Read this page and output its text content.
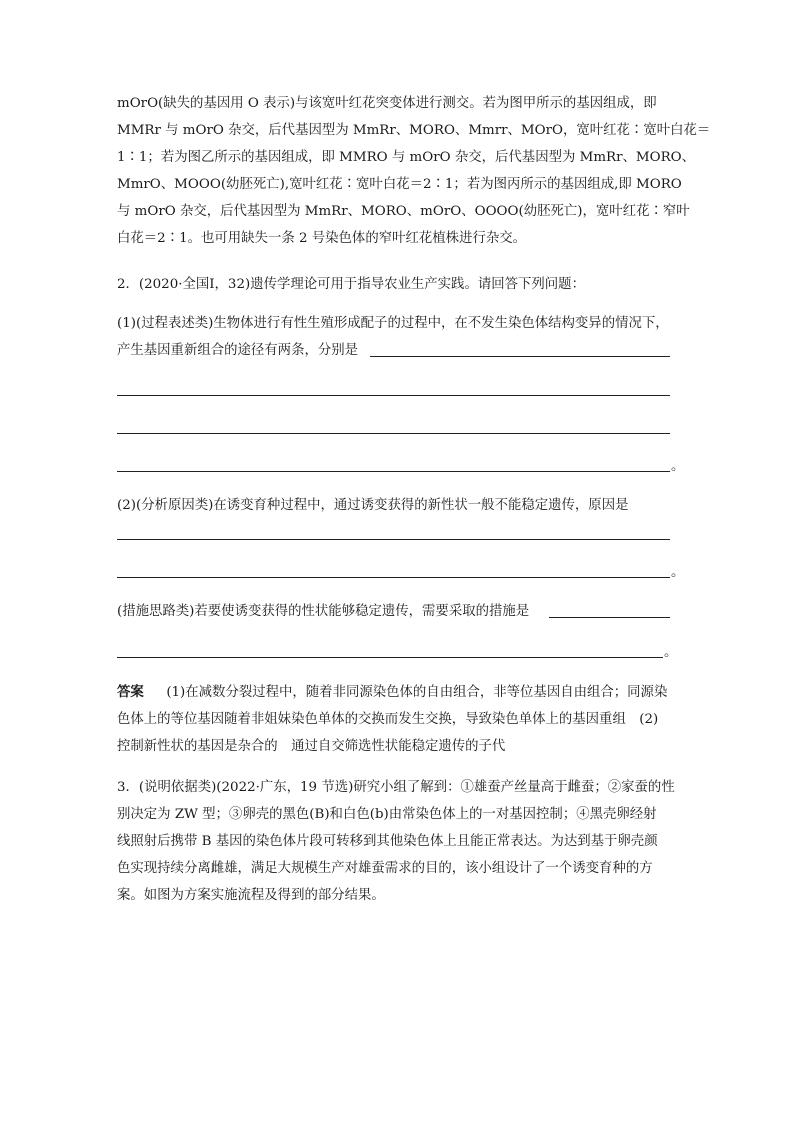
mOrO(缺失的基因用 O 表示)与该宽叶红花突变体进行测交。若为图甲所示的基因组成，即
MMRr 与 mOrO 杂交，后代基因型为 MmRr、MORO、Mmrr、MOrO，宽叶红花∶宽叶白花＝
1∶1；若为图乙所示的基因组成，即 MMRO 与 mOrO 杂交，后代基因型为 MmRr、MORO、
MmrO、MOOO(幼胚死亡),宽叶红花∶宽叶白花＝2∶1；若为图丙所示的基因组成,即 MORO
与 mOrO 杂交，后代基因型为 MmRr、MORO、mOrO、OOOO(幼胚死亡)，宽叶红花∶窄叶
白花＝2∶1。也可用缺失一条 2 号染色体的窄叶红花植株进行杂交。
2．(2020·全国Ⅰ，32)遗传学理论可用于指导农业生产实践。请回答下列问题：
(1)(过程表述类)生物体进行有性生殖形成配子的过程中，在不发生染色体结构变异的情况下，
产生基因重新组合的途径有两条，分别是
。
(2)(分析原因类)在诱变育种过程中，通过诱变获得的新性状一般不能稳定遗传，原因是
。
(措施思路类)若要使诱变获得的性状能够稳定遗传，需要采取的措施是
。
答案 (1)在减数分裂过程中，随着非同源染色体的自由组合，非等位基因自由组合；同源染
色体上的等位基因随着非姐妹染色单体的交换而发生交换，导致染色单体上的基因重组　(2)
控制新性状的基因是杂合的　通过自交筛选性状能稳定遗传的子代
3．(说明依据类)(2022·广东，19 节选)研究小组了解到：①雄蚕产丝量高于雌蚕；②家蚕的性
别决定为 ZW 型；③卵壳的黑色(B)和白色(b)由常染色体上的一对基因控制；④黑壳卵经射
线照射后携带 B 基因的染色体片段可转移到其他染色体上且能正常表达。为达到基于卵壳颜
色实现持续分离雌雄，满足大规模生产对雄蚕需求的目的，该小组设计了一个诱变育种的方
案。如图为方案实施流程及得到的部分结果。
